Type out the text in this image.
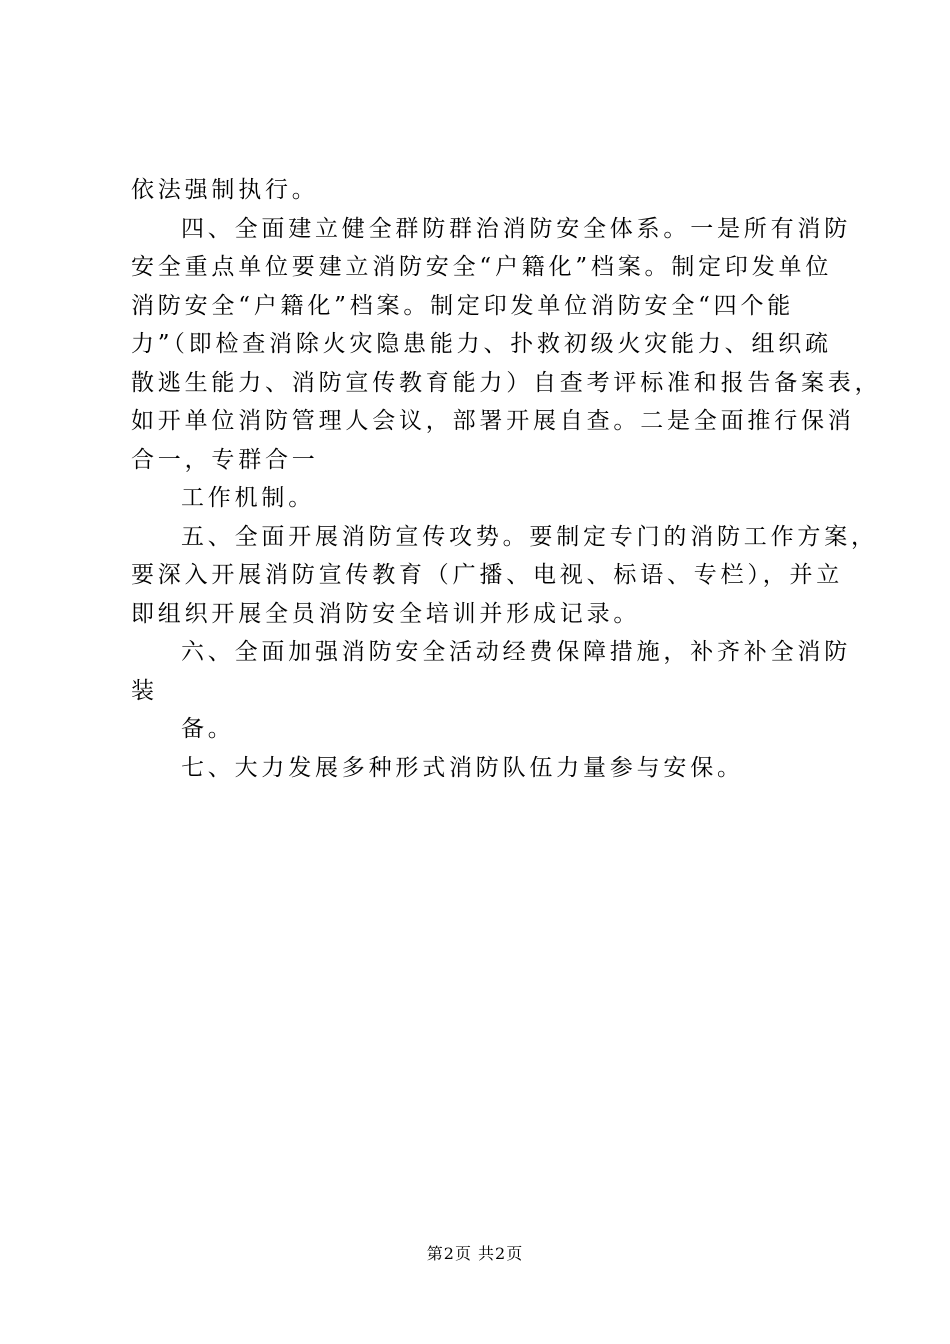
依法强制执行。
四、全面建立健全群防群治消防安全体系。一是所有消防
安全重点单位要建立消防安全“户籍化”档案。制定印发单位
消防安全“户籍化”档案。制定印发单位消防安全“四个能
力”（即检查消除火灾隐患能力、扑救初级火灾能力、组织疏
散逃生能力、消防宣传教育能力）自查考评标准和报告备案表，
如开单位消防管理人会议，部署开展自查。二是全面推行保消
合一，专群合一
工作机制。
五、全面开展消防宣传攻势。要制定专门的消防工作方案，
要深入开展消防宣传教育（广播、电视、标语、专栏），并立
即组织开展全员消防安全培训并形成记录。
六、全面加强消防安全活动经费保障措施，补齐补全消防
装
备。
七、大力发展多种形式消防队伍力量参与安保。
第2页 共2页
